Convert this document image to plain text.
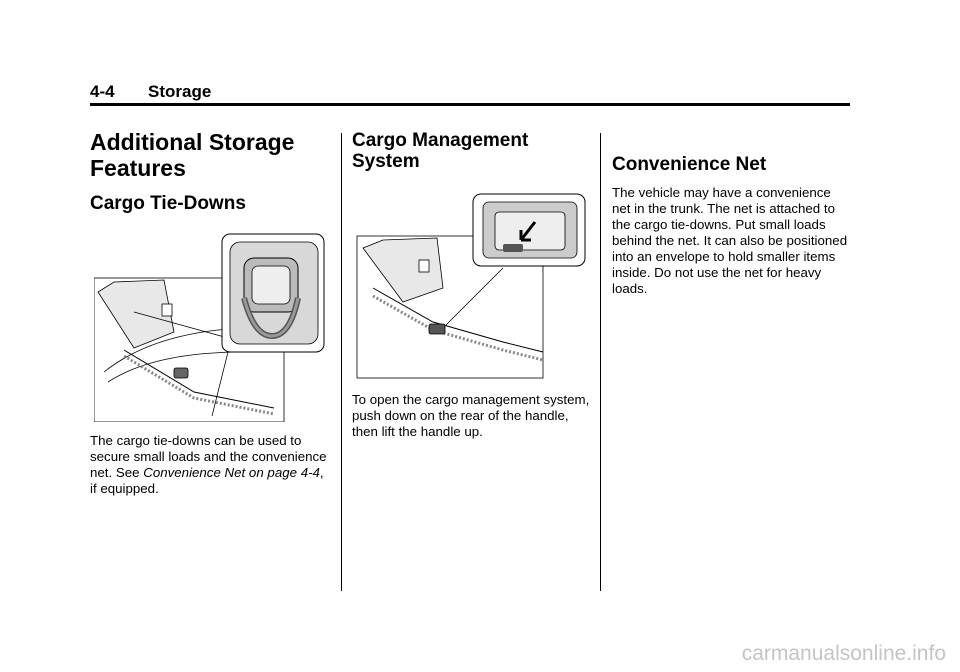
4-4 Storage
Additional Storage
Features
Cargo Tie-Downs

The cargo tie-downs can be used to secure small loads and the convenience net. See Convenience Net on page 4-4, if equipped.

Cargo Management
System

To open the cargo management system, push down on the rear of the handle, then lift the handle up.

Convenience Net

The vehicle may have a convenience net in the trunk. The net is attached to the cargo tie-downs. Put small loads behind the net. It can also be positioned into an envelope to hold smaller items inside. Do not use the net for heavy loads.

carmanualsonline.info
